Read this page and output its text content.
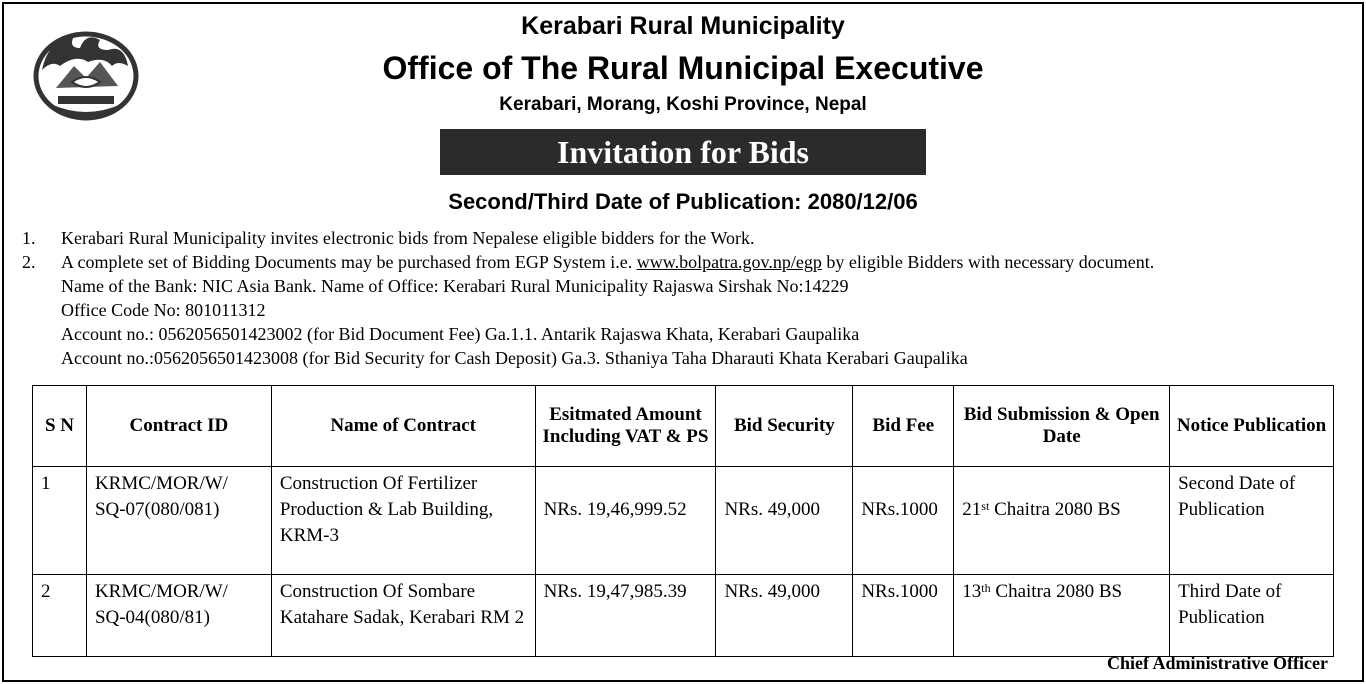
Kerabari Rural Municipality
Office of The Rural Municipal Executive
Kerabari, Morang, Koshi Province, Nepal
Invitation for Bids
Second/Third Date of Publication: 2080/12/06
1. Kerabari Rural Municipality invites electronic bids from Nepalese eligible bidders for the Work.
2. A complete set of Bidding Documents may be purchased from EGP System i.e. www.bolpatra.gov.np/egp by eligible Bidders with necessary document.
Name of the Bank: NIC Asia Bank. Name of Office: Kerabari Rural Municipality Rajaswa Sirshak No:14229
Office Code No: 801011312
Account no.: 0562056501423002 (for Bid Document Fee) Ga.1.1. Antarik Rajaswa Khata, Kerabari Gaupalika
Account no.:0562056501423008 (for Bid Security for Cash Deposit) Ga.3. Sthaniya Taha Dharauti Khata Kerabari Gaupalika
S N	Contract ID	Name of Contract	Esitmated Amount Including VAT & PS	Bid Security	Bid Fee	Bid Submission & Open Date	Notice Publication
1	KRMC/MOR/W/ SQ-07(080/081)	Construction Of Fertilizer Production & Lab Building, KRM-3	NRs. 19,46,999.52	NRs. 49,000	NRs.1000	21st Chaitra 2080 BS	Second Date of Publication
2	KRMC/MOR/W/ SQ-04(080/81)	Construction Of Sombare Katahare Sadak, Kerabari RM 2	NRs. 19,47,985.39	NRs. 49,000	NRs.1000	13th Chaitra 2080 BS	Third Date of Publication
Chief Administrative Officer
